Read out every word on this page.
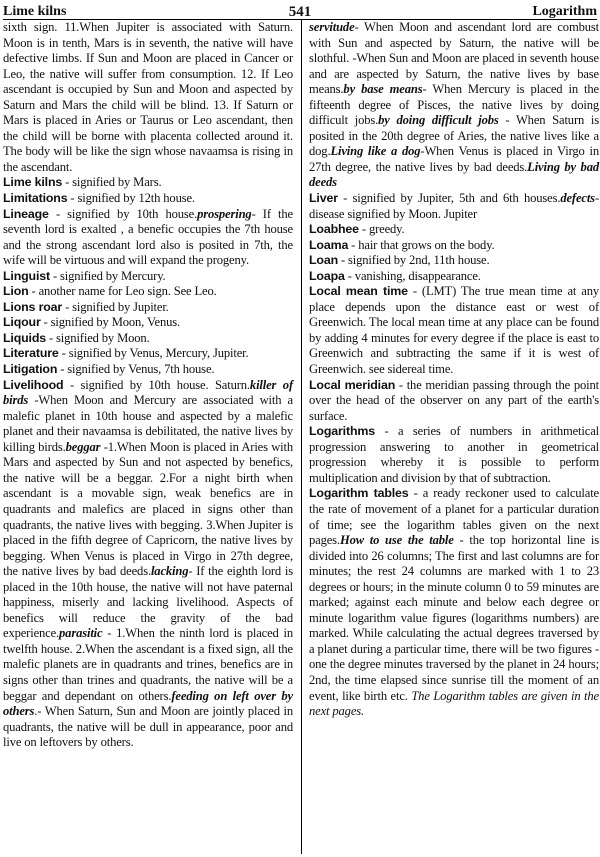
Lime kilns	541	Logarithm

sixth sign. 11.When Jupiter is associated with Saturn. Moon is in tenth, Mars is in seventh, the native will have defective limbs. If Sun and Moon are placed in Cancer or Leo, the native will suffer from consumption. 12. If Leo ascendant is occupied by Sun and Moon and aspected by Saturn and Mars the child will be blind. 13. If Saturn or Mars is placed in Aries or Taurus or Leo ascendant, then the child will be borne with placenta collected around it. The body will be like the sign whose navaamsa is rising in the ascendant.

Lime kilns - signified by Mars.

Limitations - signified by 12th house.

Lineage - signified by 10th house.prospering- If the seventh lord is exalted , a benefic occupies the 7th house and the strong ascendant lord also is posited in 7th, the wife will be virtuous and will expand the progeny.

Linguist - signified by Mercury.

Lion - another name for Leo sign. See Leo.

Lions roar - signified by Jupiter.

Liqour - signified by Moon, Venus.

Liquids - signified by Moon.

Literature - signified by Venus, Mercury, Jupiter.

Litigation - signified by Venus, 7th house.

Livelihood - signified by 10th house. Saturn.killer of birds -When Moon and Mercury are associated with a malefic planet in 10th house and aspected by a malefic planet and their navaamsa is debilitated, the native lives by killing birds.beggar -1.When Moon is placed in Aries with Mars and aspected by Sun and not aspected by benefics, the native will be a beggar. 2.For a night birth when ascendant is a movable sign, weak benefics are in quadrants and malefics are placed in signs other than quadrants, the native lives with begging. 3.When Jupiter is placed in the fifth degree of Capricorn, the native lives by begging. When Venus is placed in Virgo in 27th degree, the native lives by bad deeds.lacking- If the eighth lord is placed in the 10th house, the native will not have paternal happiness, miserly and lacking livelihood. Aspects of benefics will reduce the gravity of the bad experience.parasitic - 1.When the ninth lord is placed in twelfth house. 2.When the ascendant is a fixed sign, all the malefic planets are in quadrants and trines, benefics are in signs other than trines and quadrants, the native will be a beggar and dependant on others.feeding on left over by others.- When Saturn, Sun and Moon are jointly placed in quadrants, the native will be dull in appearance, poor and live on leftovers by others.

servitude- When Moon and ascendant lord are combust with Sun and aspected by Saturn, the native will be slothful. -When Sun and Moon are placed in seventh house and are aspected by Saturn, the native lives by base means.by base means- When Mercury is placed in the fifteenth degree of Pisces, the native lives by doing difficult jobs.by doing difficult jobs - When Saturn is posited in the 20th degree of Aries, the native lives like a dog.Living like a dog-When Venus is placed in Virgo in 27th degree, the native lives by bad deeds.Living by bad deeds

Liver - signified by Jupiter, 5th and 6th houses.defects- disease signified by Moon. Jupiter

Loabhee - greedy.

Loama - hair that grows on the body.

Loan - signified by 2nd, 11th house.

Loapa - vanishing, disappearance.

Local mean time - (LMT) The true mean time at any place depends upon the distance east or west of Greenwich. The local mean time at any place can be found by adding 4 minutes for every degree if the place is east to Greenwich and subtracting the same if it is west of Greenwich. see sidereal time.

Local meridian - the meridian passing through the point over the head of the observer on any part of the earth's surface.

Logarithms - a series of numbers in arithmetical progression answering to another in geometrical progression whereby it is possible to perform multiplication and division by that of subtraction.

Logarithm tables - a ready reckoner used to calculate the rate of movement of a planet for a particular duration of time; see the logarithm tables given on the next pages.How to use the table - the top horizontal line is divided into 26 columns; The first and last columns are for minutes; the rest 24 columns are marked with 1 to 23 degrees or hours; in the minute column 0 to 59 minutes are marked; against each minute and below each degree or minute logarithm value figures (logarithms numbers) are marked. While calculating the actual degrees traversed by a planet during a particular time, there will be two figures - one the degree minutes traversed by the planet in 24 hours; 2nd, the time elapsed since sunrise till the moment of an event, like birth etc. The Logarithm tables are given in the next pages.
